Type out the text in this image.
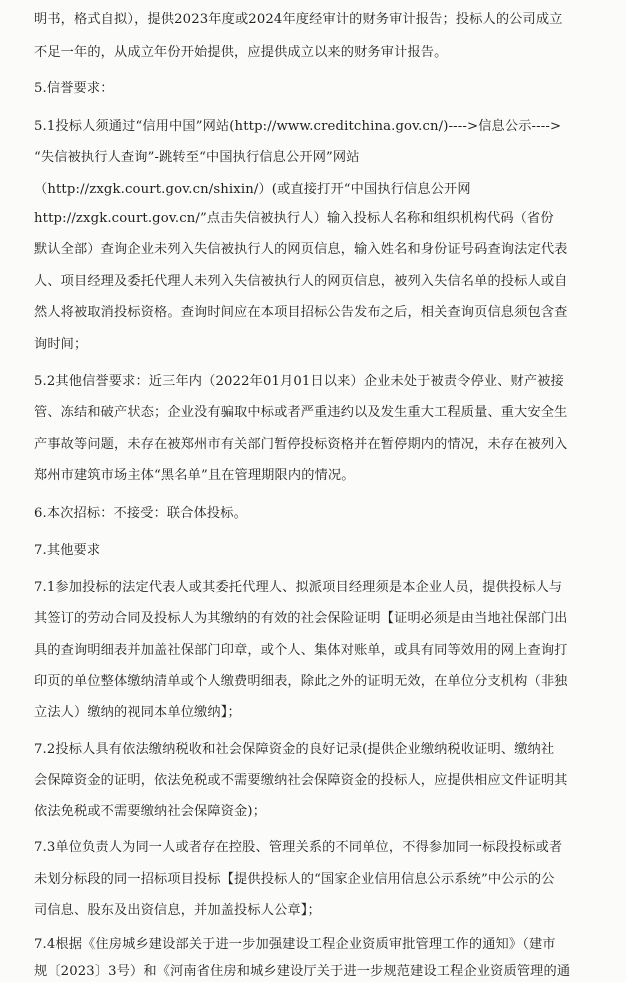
明书，格式自拟），提供2023年度或2024年度经审计的财务审计报告；投标人的公司成立
不足一年的，从成立年份开始提供，应提供成立以来的财务审计报告。
5.信誉要求：
5.1投标人须通过“信用中国”网站(http://www.creditchina.gov.cn/)---->信息公示---->
“失信被执行人查询”-跳转至“中国执行信息公开网”网站
（http://zxgk.court.gov.cn/shixin/）(或直接打开“中国执行信息公开网
http://zxgk.court.gov.cn/”点击失信被执行人）输入投标人名称和组织机构代码（省份
默认全部）查询企业未列入失信被执行人的网页信息，输入姓名和身份证号码查询法定代表
人、项目经理及委托代理人未列入失信被执行人的网页信息，被列入失信名单的投标人或自
然人将被取消投标资格。查询时间应在本项目招标公告发布之后，相关查询页信息须包含查
询时间；
5.2其他信誉要求：近三年内（2022年01月01日以来）企业未处于被责令停业、财产被接
管、冻结和破产状态；企业没有骗取中标或者严重违约以及发生重大工程质量、重大安全生
产事故等问题，未存在被郑州市有关部门暂停投标资格并在暂停期内的情况，未存在被列入
郑州市建筑市场主体“黑名单”且在管理期限内的情况。
6.本次招标：不接受：联合体投标。
7.其他要求
7.1参加投标的法定代表人或其委托代理人、拟派项目经理须是本企业人员，提供投标人与
其签订的劳动合同及投标人为其缴纳的有效的社会保险证明【证明必须是由当地社保部门出
具的查询明细表并加盖社保部门印章，或个人、集体对账单，或具有同等效用的网上查询打
印页的单位整体缴纳清单或个人缴费明细表，除此之外的证明无效，在单位分支机构（非独
立法人）缴纳的视同本单位缴纳】；
7.2投标人具有依法缴纳税收和社会保障资金的良好记录(提供企业缴纳税收证明、缴纳社
会保障资金的证明，依法免税或不需要缴纳社会保障资金的投标人，应提供相应文件证明其
依法免税或不需要缴纳社会保障资金)；
7.3单位负责人为同一人或者存在控股、管理关系的不同单位，不得参加同一标段投标或者
未划分标段的同一招标项目投标【提供投标人的“国家企业信用信息公示系统”中公示的公
司信息、股东及出资信息，并加盖投标人公章】；
7.4根据《住房城乡建设部关于进一步加强建设工程企业资质审批管理工作的通知》（建市
规〔2023〕3号）和《河南省住房和城乡建设厅关于进一步规范建设工程企业资质管理的通
